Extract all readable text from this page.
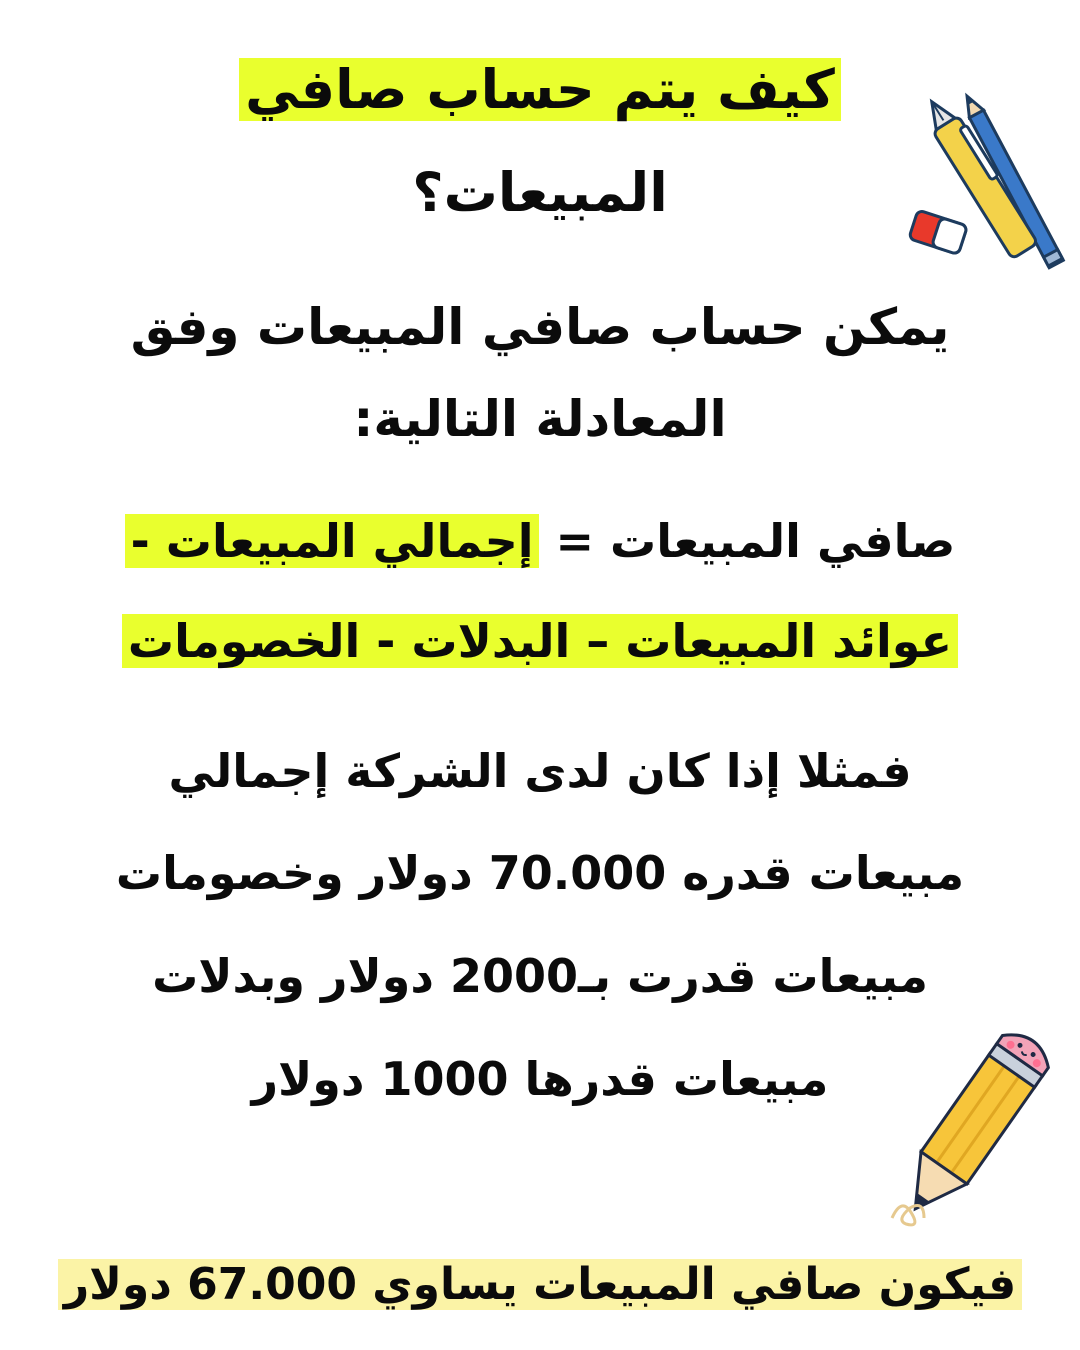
كيف يتم حساب صافي
المبيعات؟
يمكن حساب صافي المبيعات وفق
المعادلة التالية:
صافي المبيعات = إجمالي المبيعات -
عوائد المبيعات – البدلات - الخصومات
فمثلا إذا كان لدى الشركة إجمالي
مبيعات قدره 70.000 دولار وخصومات
مبيعات قدرت بـ2000 دولار وبدلات
مبيعات قدرها 1000 دولار
فيكون صافي المبيعات يساوي 67.000 دولار
